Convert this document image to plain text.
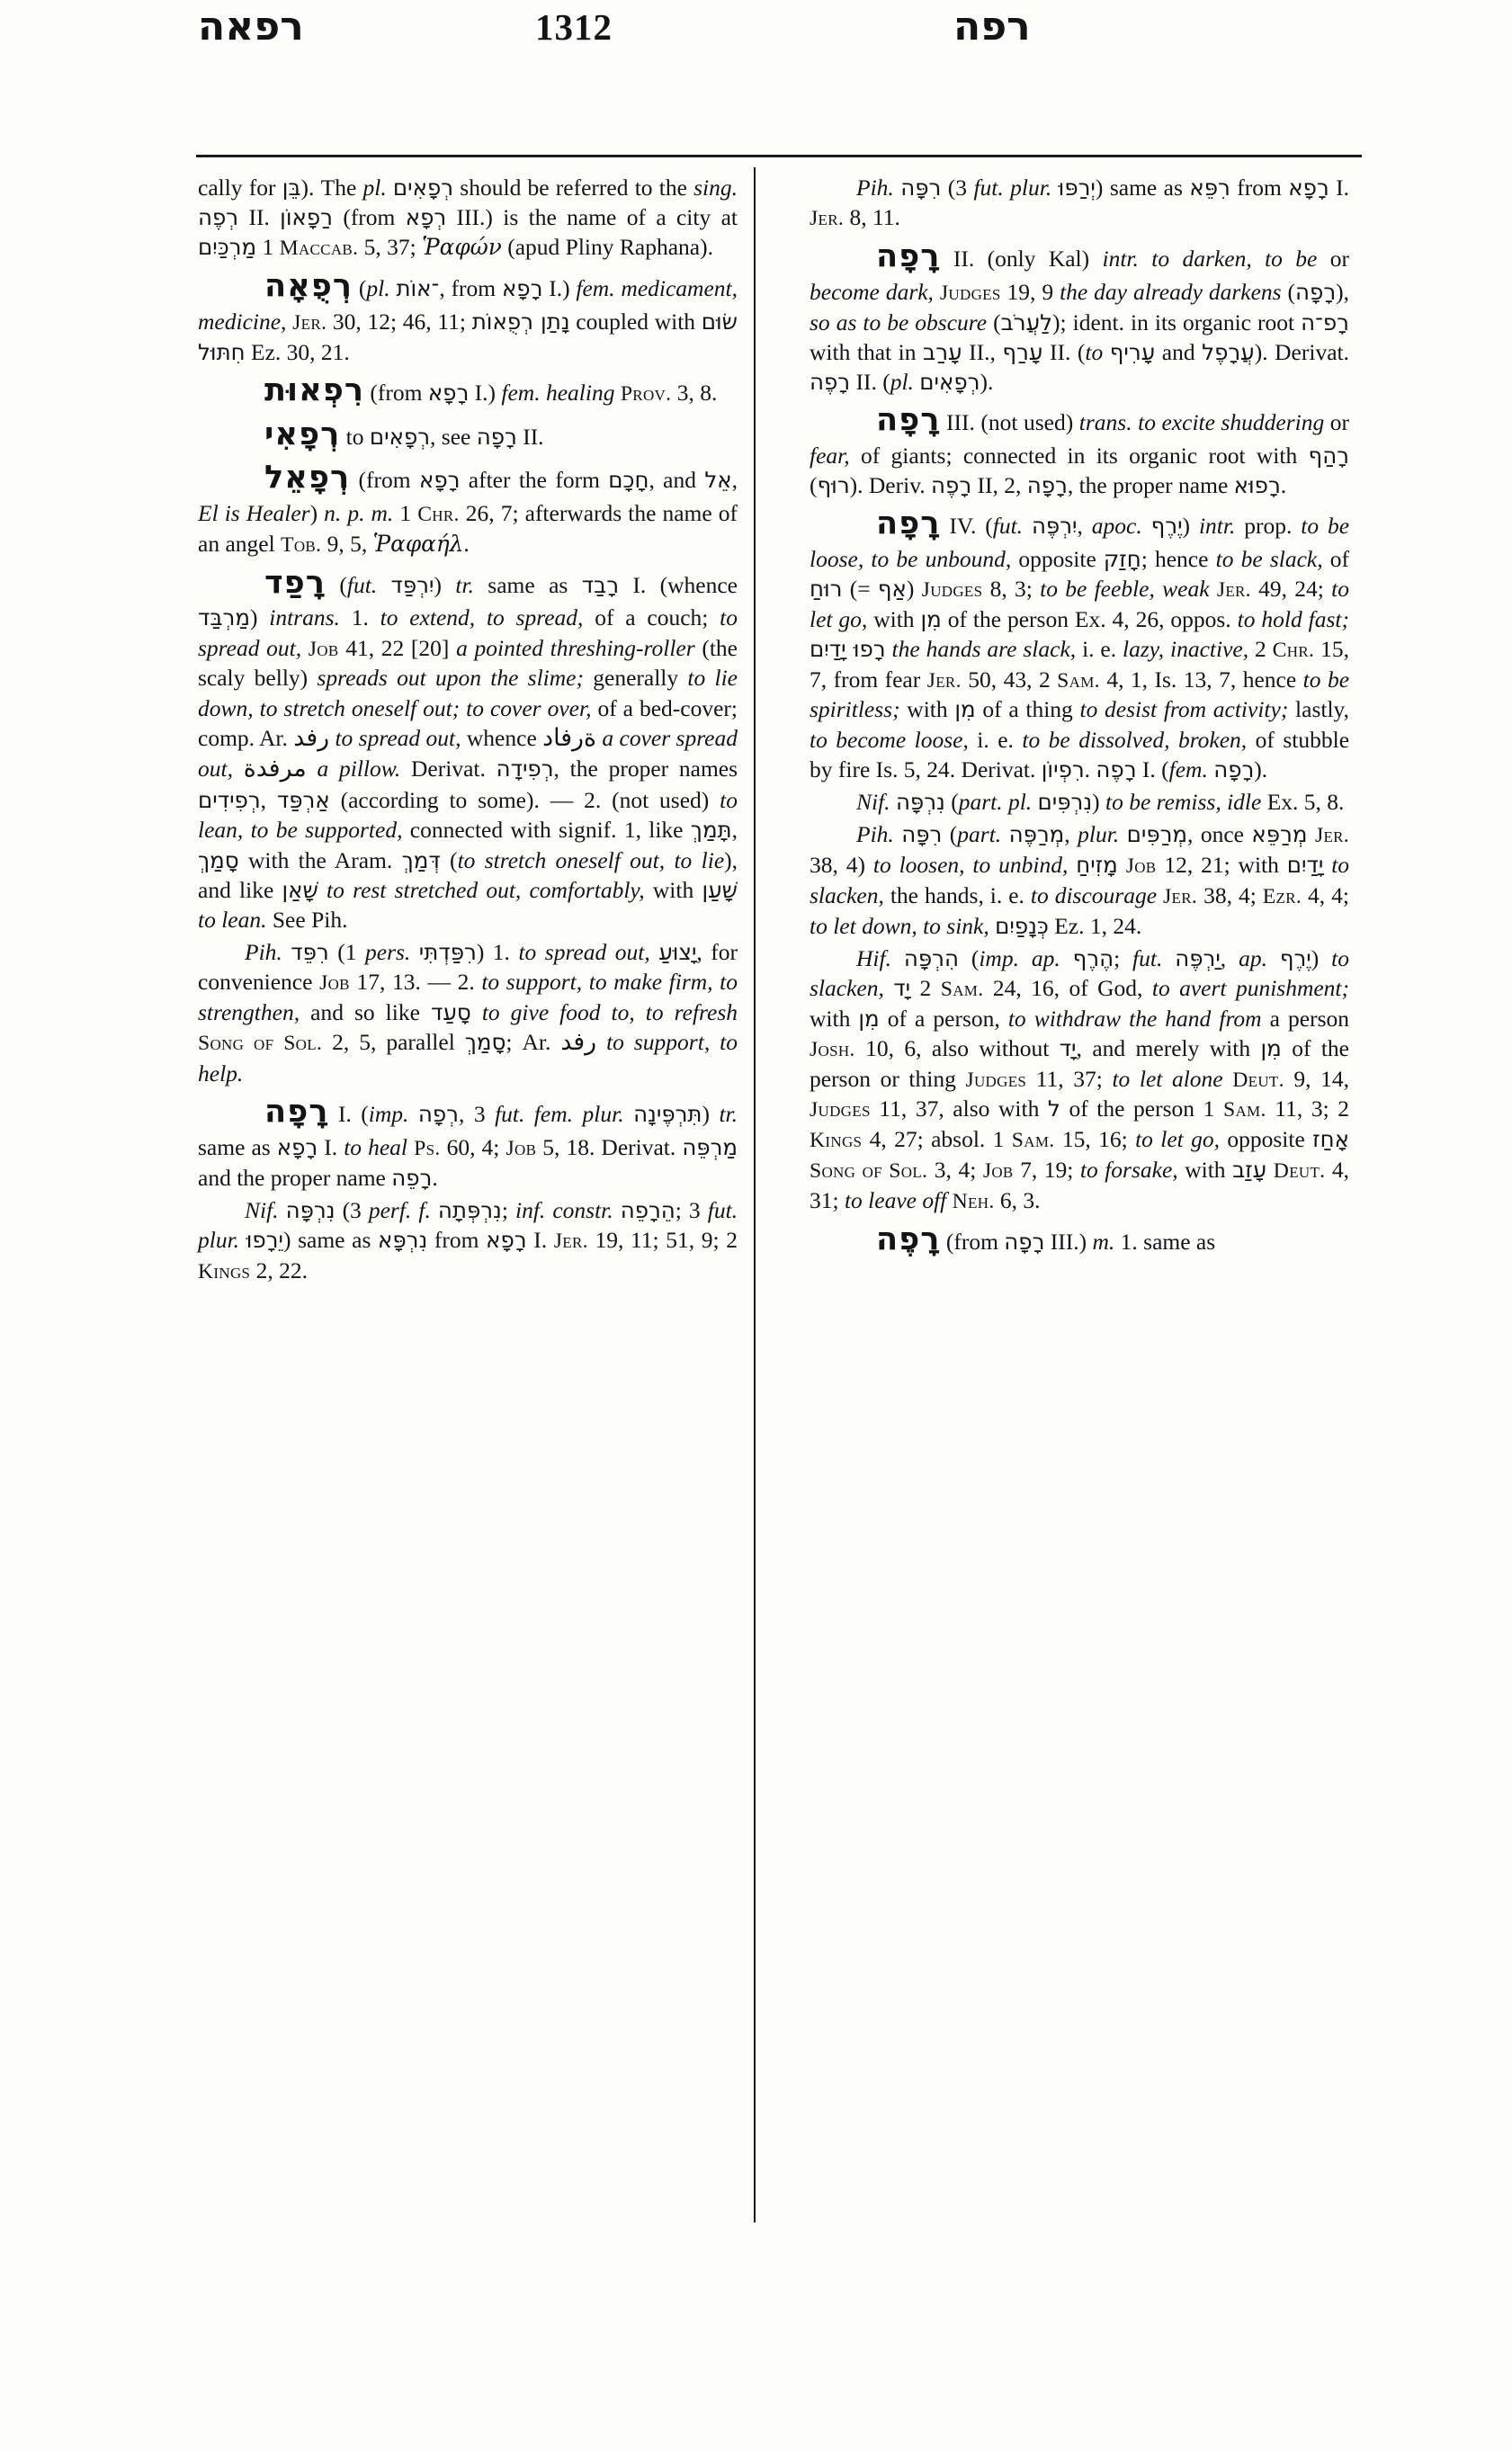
רפאה	1312	רפה

cally for בֵּן). The pl. רְפָאִים should be referred to the sing. רְפֶה II. רַפָאוֹן (from רְפָא III.) is the name of a city at מַרְכַּיִם 1 Maccab. 5, 37; Ῥαφών (apud Pliny Raphana).

רְפֻאָה (pl. ־אוֹת, from רָפָא I.) fem. medicament, medicine, Jer. 30, 12; 46, 11; נָתַן רְפֻאוֹת coupled with שׂוּם חִתּוּל Ez. 30, 21.

רִפְאוּת (from רָפָא I.) fem. healing Prov. 3, 8.

רְפָאִי to רְפָאִים, see רָפָה II.

רְפָאֵל (from רָפָא after the form חָכָם, and אֵל, El is Healer) n. p. m. 1 Chr. 26, 7; afterwards the name of an angel Tob. 9, 5, Ῥαφαήλ.

רָפַד (fut. יִרְפַּד) tr. same as רָבַד I. (whence מַרְבַּד) intrans. 1. to extend, to spread, of a couch; to spread out, Job 41, 22 [20] a pointed threshing-roller (the scaly belly) spreads out upon the slime; generally to lie down, to stretch oneself out; to cover over, of a bed-cover; comp. Ar. رفد to spread out, whence ةرفاد a cover spread out, مرفدة a pillow. Derivat. רְפִידָה, the proper names רְפִידִים, אַרְפַּד (according to some). — 2. (not used) to lean, to be supported, connected with signif. 1, like תָּמַךְ, סָמַךְ with the Aram. דְּמַךְ (to stretch oneself out, to lie), and like שָׁאַן to rest stretched out, comfortably, with שָׁעַן to lean. See Pih.

Pih. רִפֵּד (1 pers. רִפַּדְתִּי) 1. to spread out, יָצוּעַ, for convenience Job 17, 13. — 2. to support, to make firm, to strengthen, and so like סָעַד to give food to, to refresh Song of Sol. 2, 5, parallel סָמַךְ; Ar. رفد to support, to help.

רָפָה I. (imp. רְפָה, 3 fut. fem. plur. תִּרְפֶּינָה) tr. same as רָפָא I. to heal Ps. 60, 4; Job 5, 18. Derivat. מַרְפֵּה and the proper name רָפֵה.

Nif. נִרְפָּה (3 perf. f. נִרְפְּתָה; inf. constr. הֵרָפֵה; 3 fut. plur. יֵרָפוּ) same as נִרְפָּא from רָפָא I. Jer. 19, 11; 51, 9; 2 Kings 2, 22.

Pih. רִפָּה (3 fut. plur. יְרַפּוּ) same as רִפֵּא from רָפָא I. Jer. 8, 11.

רָפָה II. (only Kal) intr. to darken, to be or become dark, Judges 19, 9 the day already darkens (רָפָה), so as to be obscure (לַעֲרֹב); ident. in its organic root רָפ־ה with that in עָרַב II., עָרַף II. (to עָרִיף and עֲרָפֶל). Derivat. רָפֶה II. (pl. רְפָאִים).

רָפָה III. (not used) trans. to excite shuddering or fear, of giants; connected in its organic root with רָהַף (רוּף). Deriv. רָפֶה II, 2, רָפָה, the proper name רָפוּא.

רָפָה IV. (fut. יִרְפֶּה, apoc. יֶרֶף) intr. prop. to be loose, to be unbound, opposite חָזַק; hence to be slack, of רוּחַ (= אַף) Judges 8, 3; to be feeble, weak Jer. 49, 24; to let go, with מִן of the person Ex. 4, 26, oppos. to hold fast; רָפוּ יָדַיִם the hands are slack, i. e. lazy, inactive, 2 Chr. 15, 7, from fear Jer. 50, 43, 2 Sam. 4, 1, Is. 13, 7, hence to be spiritless; with מִן of a thing to desist from activity; lastly, to become loose, i. e. to be dissolved, broken, of stubble by fire Is. 5, 24. Derivat. רִפְיוֹן. רָפֶה I. (fem. רָפָה).

Nif. נִרְפָּה (part. pl. נִרְפִּים) to be remiss, idle Ex. 5, 8.

Pih. רִפָּה (part. מְרַפֶּה, plur. מְרַפִּים, once מְרַפֵּא Jer. 38, 4) to loosen, to unbind, מָזִיחַ Job 12, 21; with יָדַיִם to slacken, the hands, i. e. to discourage Jer. 38, 4; Ezr. 4, 4; to let down, to sink, כְּנָפַיִם Ez. 1, 24.

Hif. הִרְפָּה (imp. ap. הֶרֶף; fut. יַרְפֶּה, ap. יֶרֶף) to slacken, יָד 2 Sam. 24, 16, of God, to avert punishment; with מִן of a person, to withdraw the hand from a person Josh. 10, 6, also without יָד, and merely with מִן of the person or thing Judges 11, 37; to let alone Deut. 9, 14, Judges 11, 37, also with ל of the person 1 Sam. 11, 3; 2 Kings 4, 27; absol. 1 Sam. 15, 16; to let go, opposite אָחַז Song of Sol. 3, 4; Job 7, 19; to forsake, with עָזַב Deut. 4, 31; to leave off Neh. 6, 3.

רָפֶה (from רָפָה III.) m. 1. same as
